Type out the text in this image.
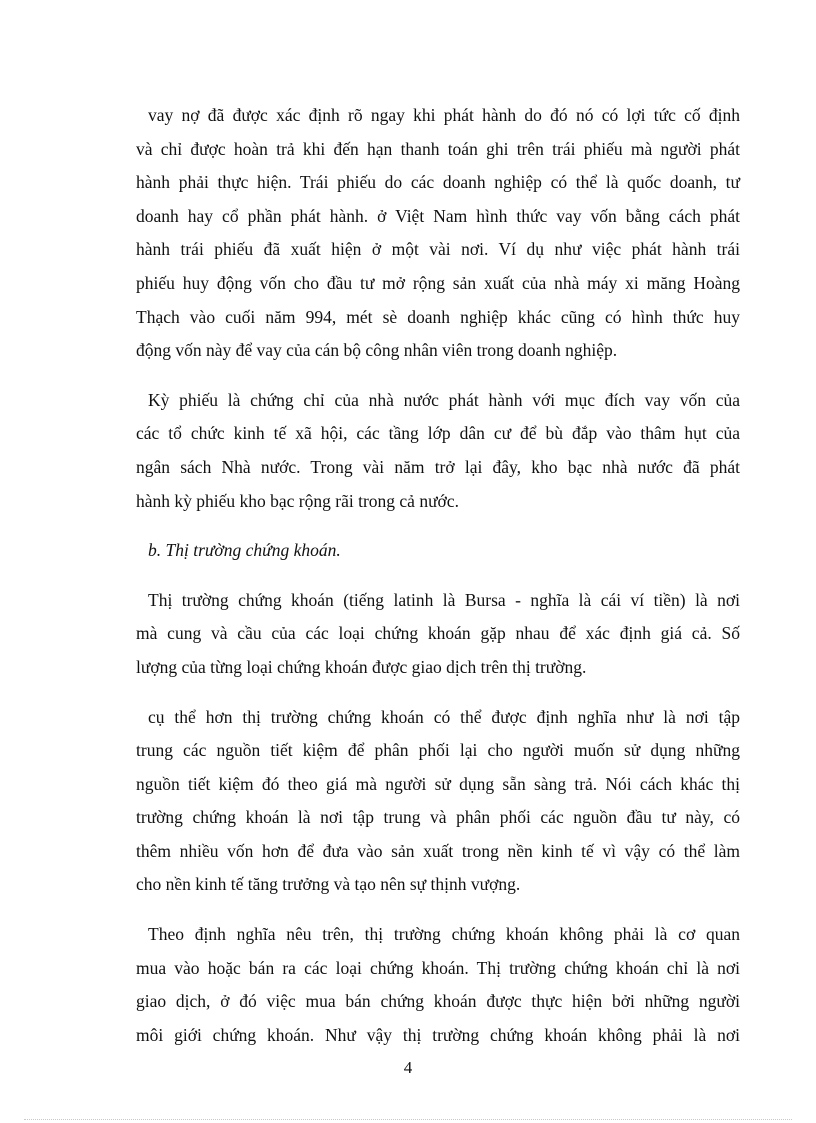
vay nợ đã được xác định rõ ngay khi phát hành do đó nó có lợi tức cố định
và chỉ được hoàn trả khi đến hạn thanh toán ghi trên trái phiếu mà người phát
hành phải thực hiện. Trái phiếu do các doanh nghiệp có thể là quốc doanh, tư
doanh hay cổ phần phát hành. ở Việt Nam hình thức vay vốn bằng cách phát
hành trái phiếu đã xuất hiện ở một vài nơi. Ví dụ như việc phát hành trái
phiếu huy động vốn cho đầu tư mở rộng sản xuất của nhà máy xi măng Hoàng
Thạch vào cuối năm 994, mét sè doanh nghiệp khác cũng có hình thức huy
động vốn này để vay của cán bộ công nhân viên trong doanh nghiệp.
Kỳ phiếu là chứng chỉ của nhà nước phát hành với mục đích vay vốn của
các tổ chức kinh tế xã hội, các tầng lớp dân cư để bù đắp vào thâm hụt của
ngân sách Nhà nước. Trong vài năm trở lại đây, kho bạc nhà nước đã phát
hành kỳ phiếu kho bạc rộng rãi trong cả nước.

b. Thị trường chứng khoán.

Thị trường chứng khoán (tiếng latinh là Bursa - nghĩa là cái ví tiền) là nơi
mà cung và cầu của các loại chứng khoán gặp nhau để xác định giá cả. Số
lượng của từng loại chứng khoán được giao dịch trên thị trường.
cụ thể hơn thị trường chứng khoán có thể được định nghĩa như là nơi tập
trung các nguồn tiết kiệm để phân phối lại cho người muốn sử dụng những
nguồn tiết kiệm đó theo giá mà người sử dụng sẵn sàng trả. Nói cách khác thị
trường chứng khoán là nơi tập trung và phân phối các nguồn đầu tư này, có
thêm nhiều vốn hơn để đưa vào sản xuất trong nền kinh tế vì vậy có thể làm
cho nền kinh tế tăng trưởng và tạo nên sự thịnh vượng.
Theo định nghĩa nêu trên, thị trường chứng khoán không phải là cơ quan
mua vào hoặc bán ra các loại chứng khoán. Thị trường chứng khoán chỉ là nơi
giao dịch, ở đó việc mua bán chứng khoán được thực hiện bởi những người
môi giới chứng khoán. Như vậy thị trường chứng khoán không phải là nơi
4
